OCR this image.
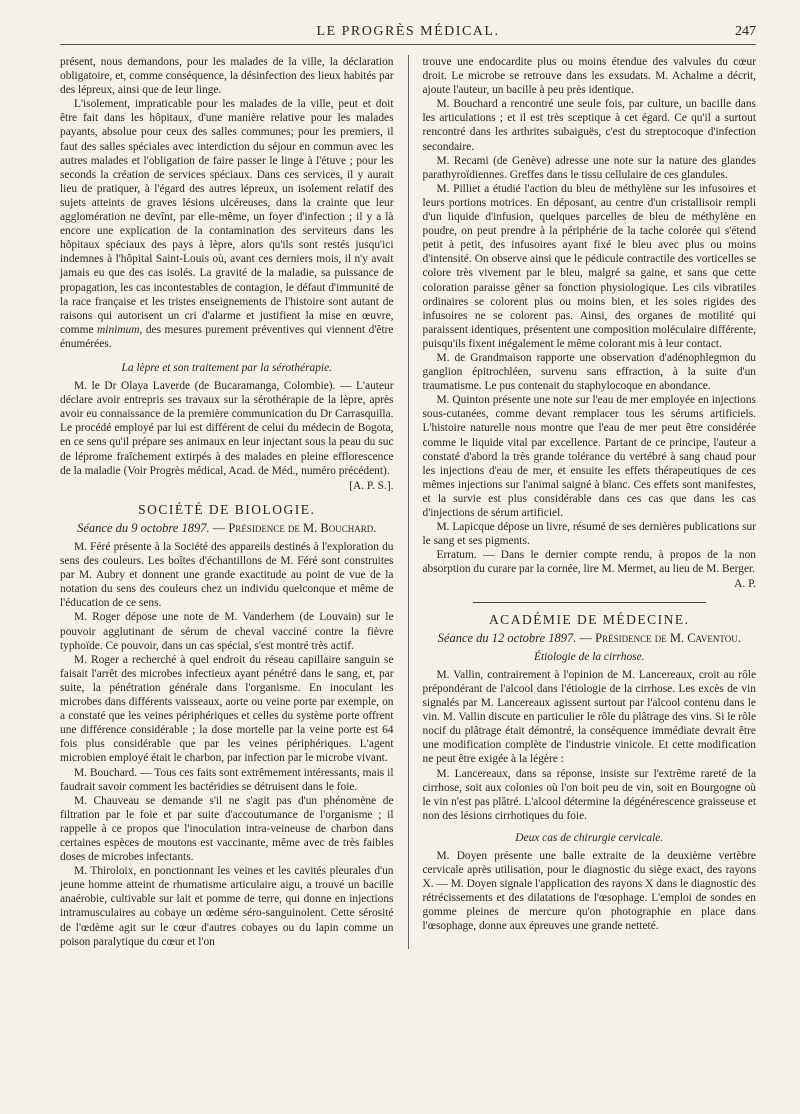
LE PROGRÈS MÉDICAL.	247

présent, nous demandons, pour les malades de la ville, la déclaration obligatoire, et, comme conséquence, la désinfection des lieux habités par des lépreux, ainsi que de leur linge.

L'isolement, impraticable pour les malades de la ville, peut et doit être fait dans les hôpitaux, d'une manière relative pour les malades payants, absolue pour ceux des salles communes; pour les premiers, il faut des salles spéciales avec interdiction du séjour en commun avec les autres malades et l'obligation de faire passer le linge à l'étuve ; pour les seconds la création de services spéciaux. Dans ces services, il y aurait lieu de pratiquer, à l'égard des autres lépreux, un isolement relatif des sujets atteints de graves lésions ulcéreuses, dans la crainte que leur agglomération ne devînt, par elle-même, un foyer d'infection ; il y a là encore une explication de la contamination des serviteurs dans les hôpitaux spéciaux des pays à lèpre, alors qu'ils sont restés jusqu'ici indemnes à l'hôpital Saint-Louis où, avant ces derniers mois, il n'y avait jamais eu que des cas isolés. La gravité de la maladie, sa puissance de propagation, les cas incontestables de contagion, le défaut d'immunité de la race française et les tristes enseignements de l'histoire sont autant de raisons qui autorisent un cri d'alarme et justifient la mise en œuvre, comme minimum, des mesures purement préventives qui viennent d'être énumérées.

La lèpre et son traitement par la sérothérapie.

M. le Dr Olaya Laverde (de Bucaramanga, Colombie). — L'auteur déclare avoir entrepris ses travaux sur la sérothérapie de la lèpre, après avoir eu connaissance de la première communication du Dr Carrasquilla. Le procédé employé par lui est différent de celui du médecin de Bogota, en ce sens qu'il prépare ses animaux en leur injectant sous la peau du suc de léprome fraîchement extirpés à des malades en pleine efflorescence de la maladie (Voir Progrès médical, Acad. de Méd., numéro précédent).

[A. P. S.].
SOCIÉTÉ DE BIOLOGIE.
Séance du 9 octobre 1897. — Présidence de M. Bouchard.

M. Féré présente à la Société des appareils destinés à l'exploration du sens des couleurs. Les boîtes d'échantillons de M. Féré sont construites par M. Aubry et donnent une grande exactitude au point de vue de la notation du sens des couleurs chez un individu quelconque et même de l'éducation de ce sens.

M. Roger dépose une note de M. Vanderhem (de Louvain) sur le pouvoir agglutinant de sérum de cheval vacciné contre la fièvre typhoïde. Ce pouvoir, dans un cas spécial, s'est montré très actif.

M. Roger a recherché à quel endroit du réseau capillaire sanguin se faisait l'arrêt des microbes infectieux ayant pénétré dans le sang, et, par suite, la pénétration générale dans l'organisme. En inoculant les microbes dans différents vaisseaux, aorte ou veine porte par exemple, on a constaté que les veines périphériques et celles du système porte offrent une différence considérable ; la dose mortelle par la veine porte est 64 fois plus considérable que par les veines périphériques. L'agent microbien employé était le charbon, par infection par le microbe vivant.

M. Bouchard. — Tous ces faits sont extrêmement intéressants, mais il faudrait savoir comment les bactéridies se détruisent dans le foie.

M. Chauveau se demande s'il ne s'agit pas d'un phénomène de filtration par le foie et par suite d'accoutumance de l'organisme ; il rappelle à ce propos que l'inoculation intra-veineuse de charbon dans certaines espèces de moutons est vaccinante, même avec de très faibles doses de microbes infectants.

M. Thiroloix, en ponctionnant les veines et les cavités pleurales d'un jeune homme atteint de rhumatisme articulaire aigu, a trouvé un bacille anaérobie, cultivable sur lait et pomme de terre, qui donne en injections intramusculaires au cobaye un œdème séro-sanguinolent. Cette sérosité de l'œdème agit sur le cœur d'autres cobayes ou du lapin comme un poison paralytique du cœur et l'on

trouve une endocardite plus ou moins étendue des valvules du cœur droit. Le microbe se retrouve dans les exsudats. M. Achalme a décrit, ajoute l'auteur, un bacille à peu près identique.

M. Bouchard a rencontré une seule fois, par culture, un bacille dans les articulations ; et il est très sceptique à cet égard. Ce qu'il a surtout rencontré dans les arthrites subaiguës, c'est du streptocoque d'infection secondaire.

M. Recami (de Genève) adresse une note sur la nature des glandes parathyroïdiennes. Greffes dans le tissu cellulaire de ces glandules.

M. Pilliet a étudié l'action du bleu de méthylène sur les infusoires et leurs portions motrices. En déposant, au centre d'un cristallisoir rempli d'un liquide d'infusion, quelques parcelles de bleu de méthylène en poudre, on peut prendre à la périphérie de la tache colorée qui s'étend petit à petit, des infusoires ayant fixé le bleu avec plus ou moins d'intensité. On observe ainsi que le pédicule contractile des vorticelles se colore très vivement par le bleu, malgré sa gaine, et sans que cette coloration paraisse gêner sa fonction physiologique. Les cils vibratiles ordinaires se colorent plus ou moins bien, et les soies rigides des infusoires ne se colorent pas. Ainsi, des organes de motilité qui paraissent identiques, présentent une composition moléculaire différente, puisqu'ils fixent inégalement le même colorant mis à leur contact.

M. de Grandmaison rapporte une observation d'adénophlegmon du ganglion épitrochléen, survenu sans effraction, à la suite d'un traumatisme. Le pus contenait du staphylocoque en abondance.

M. Quinton présente une note sur l'eau de mer employée en injections sous-cutanées, comme devant remplacer tous les sérums artificiels. L'histoire naturelle nous montre que l'eau de mer peut être considérée comme le liquide vital par excellence. Partant de ce principe, l'auteur a constaté d'abord la très grande tolérance du vertébré à sang chaud pour les injections d'eau de mer, et ensuite les effets thérapeutiques de ces mêmes injections sur l'animal saigné à blanc. Ces effets sont manifestes, et la survie est plus considérable dans ces cas que dans les cas d'injections de sérum artificiel.

M. Lapicque dépose un livre, résumé de ses dernières publications sur le sang et ses pigments.

Erratum. — Dans le dernier compte rendu, à propos de la non absorption du curare par la cornée, lire M. Mermet, au lieu de M. Berger.

A. P.
ACADÉMIE DE MÉDECINE.
Séance du 12 octobre 1897. — Présidence de M. Caventou.
Étiologie de la cirrhose.

M. Vallin, contrairement à l'opinion de M. Lancereaux, croit au rôle prépondérant de l'alcool dans l'étiologie de la cirrhose. Les excès de vin signalés par M. Lancereaux agissent surtout par l'alcool contenu dans le vin. M. Vallin discute en particulier le rôle du plâtrage des vins. Si le rôle nocif du plâtrage était démontré, la conséquence immédiate devrait être une modification complète de l'industrie vinicole. Et cette modification ne peut être exigée à la légère :

M. Lancereaux, dans sa réponse, insiste sur l'extrême rareté de la cirrhose, soit aux colonies où l'on boit peu de vin, soit en Bourgogne où le vin n'est pas plâtré. L'alcool détermine la dégénérescence graisseuse et non des lésions cirrhotiques du foie.

Deux cas de chirurgie cervicale.

M. Doyen présente une balle extraite de la deuxième vertèbre cervicale après utilisation, pour le diagnostic du siège exact, des rayons X. — M. Doyen signale l'application des rayons X dans le diagnostic des rétrécissements et des dilatations de l'œsophage. L'emploi de sondes en gomme pleines de mercure qu'on photographie en place dans l'œsophage, donne aux épreuves une grande netteté.
